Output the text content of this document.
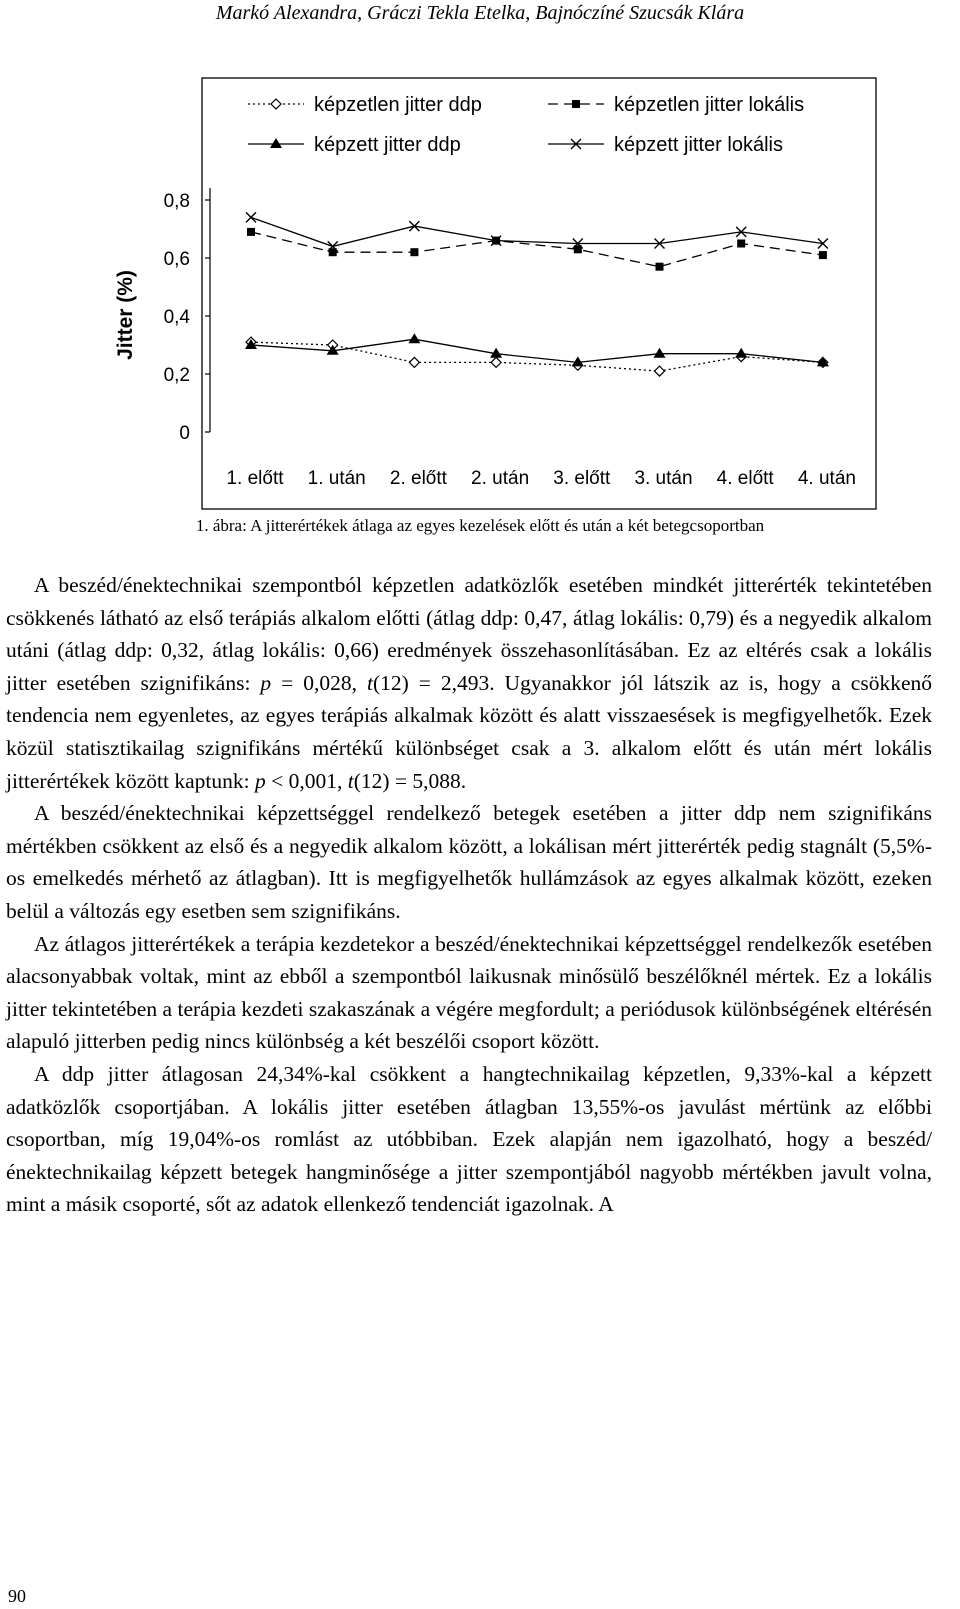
Markó Alexandra, Gráczi Tekla Etelka, Bajnóczíné Szucsák Klára
képzetlen jitter ddp	képzetlen jitter lokális
képzett jitter ddp	képzett jitter lokális
Jitter (%)
0
0,2
0,4
0,6
0,8
1. előtt 1. után 2. előtt 2. után 3. előtt 3. után 4. előtt 4. után
1. ábra: A jitterértékek átlaga az egyes kezelések előtt és után a két betegcsoportban

A beszéd/énektechnikai szempontból képzetlen adatközlők esetében mindkét jitterérték tekintetében csökkenés látható az első terápiás alkalom előtti (átlag ddp: 0,47, átlag lokális: 0,79) és a negyedik alkalom utáni (átlag ddp: 0,32, átlag lokális: 0,66) eredmények összehasonlításában. Ez az eltérés csak a lokális jitter esetében szignifikáns: p = 0,028, t(12) = 2,493. Ugyanakkor jól látszik az is, hogy a csökkenő tendencia nem egyenletes, az egyes terápiás alkalmak között és alatt visszaesések is megfigyelhetők. Ezek közül statisztikailag szignifikáns mértékű különbséget csak a 3. alkalom előtt és után mért lokális jitterértékek között kaptunk: p < 0,001, t(12) = 5,088.

A beszéd/énektechnikai képzettséggel rendelkező betegek esetében a jitter ddp nem szignifikáns mértékben csökkent az első és a negyedik alkalom között, a lokálisan mért jitterérték pedig stagnált (5,5%-os emelkedés mérhető az átlagban). Itt is megfigyelhetők hullámzások az egyes alkalmak között, ezeken belül a változás egy esetben sem szignifikáns.

Az átlagos jitterértékek a terápia kezdetekor a beszéd/énektechnikai képzettséggel rendelkezők esetében alacsonyabbak voltak, mint az ebből a szempontból laikusnak minősülő beszélőknél mértek. Ez a lokális jitter tekintetében a terápia kezdeti szakaszának a végére megfordult; a periódusok különbségének eltérésén alapuló jitterben pedig nincs különbség a két beszélői csoport között.

A ddp jitter átlagosan 24,34%-kal csökkent a hangtechnikailag képzetlen, 9,33%-kal a képzett adatközlők csoportjában. A lokális jitter esetében átlagban 13,55%-os javulást mértünk az előbbi csoportban, míg 19,04%-os romlást az utóbbiban. Ezek alapján nem igazolható, hogy a beszéd/énektechnikailag képzett betegek hangminősége a jitter szempontjából nagyobb mértékben javult volna, mint a másik csoporté, sőt az adatok ellenkező tendenciát igazolnak. A

90
